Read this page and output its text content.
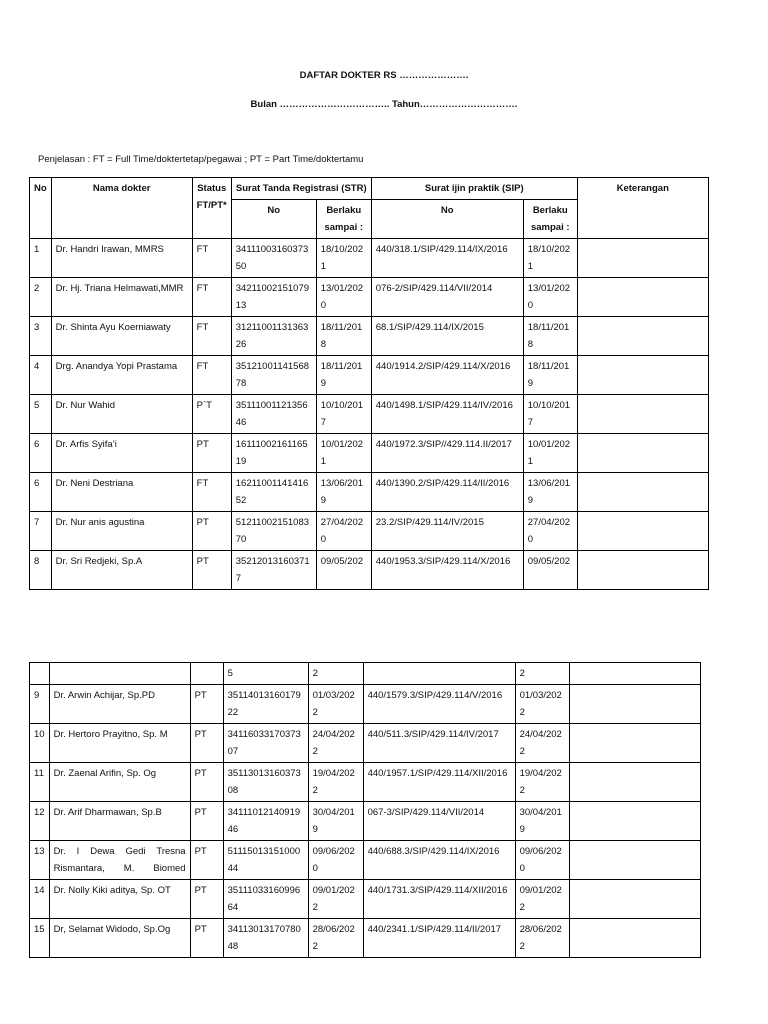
DAFTAR DOKTER RS ………………….
Bulan …………………………….. Tahun………………………….
Penjelasan : FT = Full Time/doktertetap/pegawai ; PT = Part Time/doktertamu
No	Nama dokter	Status FT/PT*	Surat Tanda Registrasi (STR)		Surat ijin praktik (SIP)		Keterangan
			No	Berlaku sampai :	No	Berlaku sampai :	
1	Dr. Handri Irawan, MMRS	FT	3411100316037350	18/10/2021	440/318.1/SIP/429.114/IX/2016	18/10/2021	
2	Dr. Hj. Triana Helmawati,MMR	FT	3421100215107913	13/01/2020	076-2/SIP/429.114/VII/2014	13/01/2020	
3	Dr. Shinta Ayu Koerniawaty	FT	3121100113136326	18/11/2018	68.1/SIP/429.114/IX/2015	18/11/2018	
4	Drg. Anandya Yopi Prastama	FT	3512100114156878	18/11/2019	440/1914.2/SIP/429.114/X/2016	18/11/2019	
5	Dr. Nur Wahid	P`T	3511100112135646	10/10/2017	440/1498.1/SIP/429.114/IV/2016	10/10/2017	
6	Dr. Arfis Syifa’i	PT	1611100216116519	10/01/2021	440/1972.3/SIP//429.114.II/2017	10/01/2021	
6	Dr. Neni Destriana	FT	1621100114141652	13/06/2019	440/1390.2/SIP/429.114/II/2016	13/06/2019	
7	Dr. Nur anis agustina	PT	5121100215108370	27/04/2020	23.2/SIP/429.114/IV/2015	27/04/2020	
8	Dr. Sri Redjeki, Sp.A	PT	352120131603717	09/05/202	440/1953.3/SIP/429.114/X/2016	09/05/202	
			5	2		2	
9	Dr. Arwin Achijar, Sp.PD	PT	3511401316017922	01/03/2022	440/1579.3/SIP/429.114/V/2016	01/03/2022	
10	Dr. Hertoro Prayitno, Sp. M	PT	3411603317037307	24/04/2022	440/511.3/SIP/429.114/IV/2017	24/04/2022	
11	Dr. Zaenal Arifin, Sp. Og	PT	3511301316037308	19/04/2022	440/1957.1/SIP/429.114/XII/2016	19/04/2022	
12	Dr. Arif Dharmawan, Sp.B	PT	3411101214091946	30/04/2019	067-3/SIP/429.114/VII/2014	30/04/2019	
13	Dr. I Dewa Gedi Tresna Rismantara, M. Biomed	PT	5111501315100044	09/06/2020	440/688.3/SIP/429.114/IX/2016	09/06/2020	
14	Dr. Nolly Kiki aditya, Sp. OT	PT	3511103316099664	09/01/2022	440/1731.3/SIP/429.114/XII/2016	09/01/2022	
15	Dr, Selamat Widodo, Sp.Og	PT	3411301317078048	28/06/2022	440/2341.1/SIP/429.114/II/2017	28/06/2022	
